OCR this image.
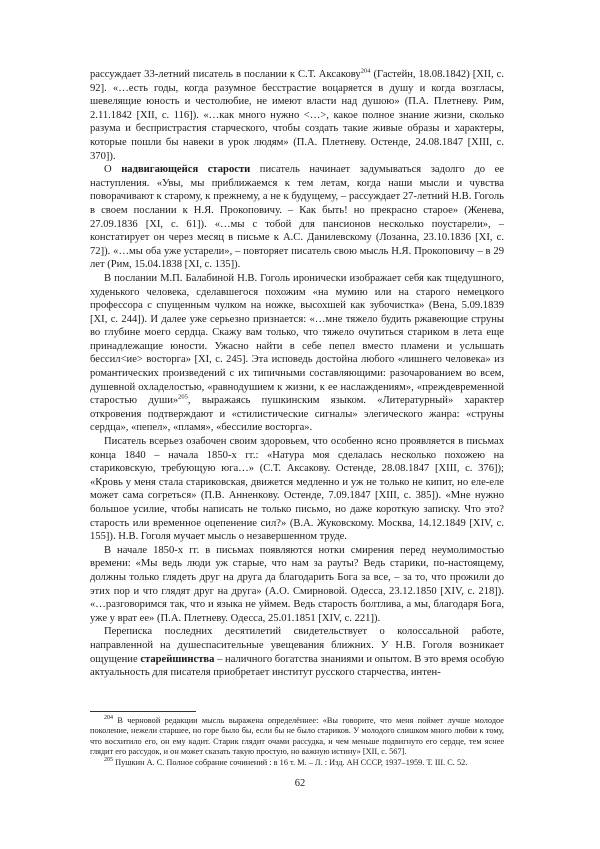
рассуждает 33-летний писатель в послании к С.Т. Аксакову$^{204}$ (Гастейн, 18.08.1842) [XII, с. 92]. «…есть годы, когда разумное бесстрастие воцаряется в душу и когда возгласы, шевелящие юность и честолюбие, не имеют власти над душою» (П.А. Плетневу. Рим, 2.11.1842 [XII, с. 116]). «…как много нужно <…>, какое полное знание жизни, сколько разума и беспристрастия старческого, чтобы создать такие живые образы и характеры, которые пошли бы навеки в урок людям» (П.А. Плетневу. Остенде, 24.08.1847 [XIII, с. 370]).

О надвигающейся старости писатель начинает задумываться задолго до ее наступления. «Увы, мы приближаемся к тем летам, когда наши мысли и чувства поворачивают к старому, к прежнему, а не к будущему, – рассуждает 27-летний Н.В. Гоголь в своем послании к Н.Я. Прокоповичу. – Как быть! но прекрасно старое» (Женева, 27.09.1836 [XI, с. 61]). «…мы с тобой для пансионов несколько поустарели», – констатирует он через месяц в письме к А.С. Данилевскому (Лозанна, 23.10.1836 [XI, с. 72]). «…мы оба уже устарели», – повторяет писатель свою мысль Н.Я. Прокоповичу – в 29 лет (Рим, 15.04.1838 [XI, с. 135]).

В послании М.П. Балабиной Н.В. Гоголь иронически изображает себя как тщедушного, худенького человека, сделавшегося похожим «на мумию или на старого немецкого профессора с спущенным чулком на ножке, высохшей как зубочистка» (Вена, 5.09.1839 [XI, с. 244]). И далее уже серьезно признается: «…мне тяжело будить ржавеющие струны во глубине моего сердца. Скажу вам только, что тяжело очутиться стариком в лета еще принадлежащие юности. Ужасно найти в себе пепел вместо пламени и услышать бессил<ие> восторга» [XI, с. 245]. Эта исповедь достойна любого «лишнего человека» из романтических произведений с их типичными составляющими: разочарованием во всем, душевной охладелостью, «равнодушием к жизни, к ее наслаждениям», «преждевременной старостью души»$^{205}$, выражаясь пушкинским языком. «Литературный» характер откровения подтверждают и «стилистические сигналы» элегического жанра: «струны сердца», «пепел», «пламя», «бессилие восторга».

Писатель всерьез озабочен своим здоровьем, что особенно ясно проявляется в письмах конца 1840 – начала 1850-х гг.: «Натура моя сделалась несколько похожею на стариковскую, требующую юга…» (С.Т. Аксакову. Остенде, 28.08.1847 [XIII, с. 376]); «Кровь у меня стала стариковская, движется медленно и уж не только не кипит, но еле-еле может сама согреться» (П.В. Анненкову. Остенде, 7.09.1847 [XIII, с. 385]). «Мне нужно большое усилие, чтобы написать не только письмо, но даже короткую записку. Что это? старость или временное оцепенение сил?» (В.А. Жуковскому. Москва, 14.12.1849 [XIV, с. 155]). Н.В. Гоголя мучает мысль о незавершенном труде.

В начале 1850-х гг. в письмах появляются нотки смирения перед неумолимостью времени: «Мы ведь люди уж старые, что нам за рауты? Ведь старики, по-настоящему, должны только глядеть друг на друга да благодарить Бога за все, – за то, что прожили до этих пор и что глядят друг на друга» (А.О. Смирновой. Одесса, 23.12.1850 [XIV, с. 218]). «…разговоримся так, что и языка не уймем. Ведь старость болтлива, а мы, благодаря Бога, уже у врат ее» (П.А. Плетневу. Одесса, 25.01.1851 [XIV, с. 221]).

Переписка последних десятилетий свидетельствует о колоссальной работе, направленной на душеспасительные увещевания ближних. У Н.В. Гоголя возникает ощущение старейшинства – наличного богатства знаниями и опытом. В это время особую актуальность для писателя приобретает институт русского старчества, интен-

$^{204}$ В черновой редакции мысль выражена определённее: «Вы говорите, что меня поймет лучше молодое поколение, нежели старшее, но горе было бы, если бы не было стариков. У молодого слишком много любви к тому, что восхитило его, он ему кадит. Старик глядит очами рассудка, и чем меньше подвигнуто его сердце, тем яснее глядит его рассудок, и он может сказать такую простую, но важную истину» [XII, с. 567].

$^{205}$ Пушкин А. С. Полное собрание сочинений : в 16 т. М. – Л. : Изд. АН СССР, 1937–1959. Т. III. С. 52.

62
